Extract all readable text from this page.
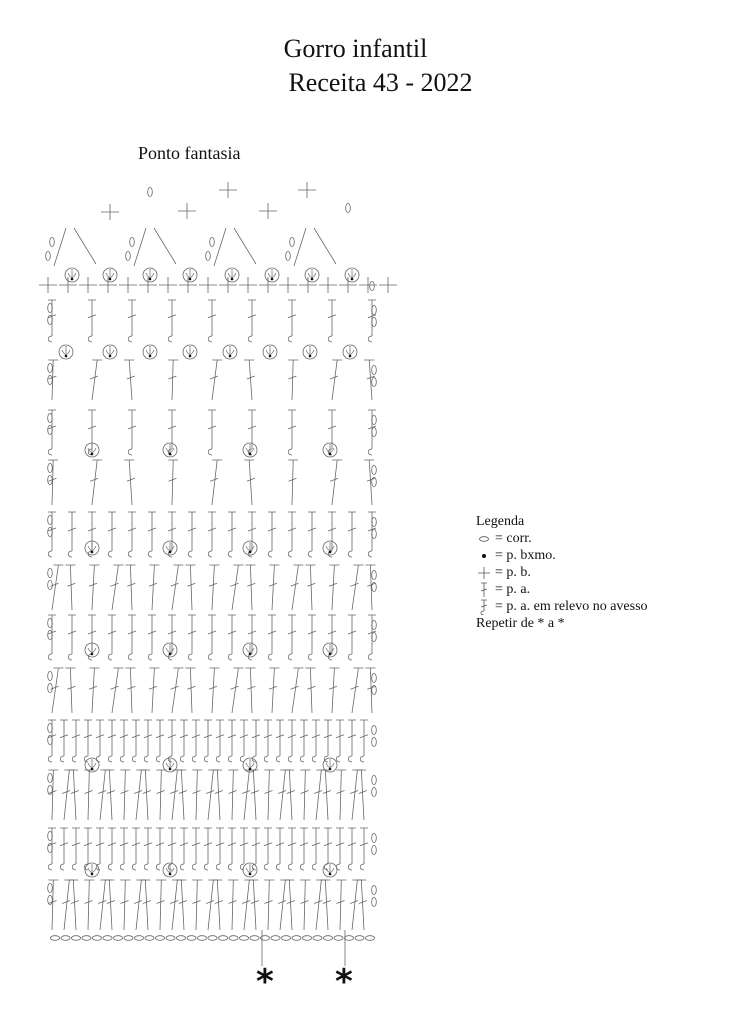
Gorro infantil
Receita 43 - 2022
Ponto fantasia
Legenda
= corr.
= p. bxmo.
= p. b.
= p. a.
= p. a. em relevo no avesso
Repetir de * a *
* *
